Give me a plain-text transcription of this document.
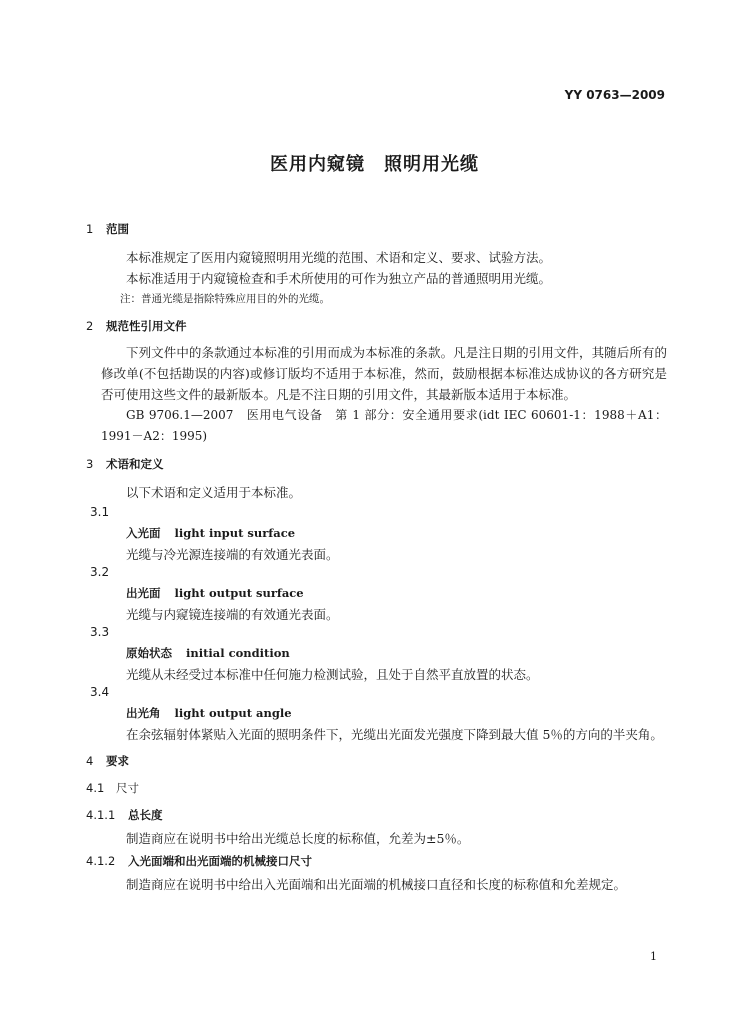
YY 0763—2009
医用内窥镜　照明用光缆
1 范围
本标准规定了医用内窥镜照明用光缆的范围、术语和定义、要求、试验方法。
本标准适用于内窥镜检查和手术所使用的可作为独立产品的普通照明用光缆。
注：普通光缆是指除特殊应用目的外的光缆。
2 规范性引用文件
下列文件中的条款通过本标准的引用而成为本标准的条款。凡是注日期的引用文件，其随后所有的修改单(不包括勘误的内容)或修订版均不适用于本标准，然而，鼓励根据本标准达成协议的各方研究是否可使用这些文件的最新版本。凡是不注日期的引用文件，其最新版本适用于本标准。
GB 9706.1—2007　医用电气设备　第 1 部分：安全通用要求(idt IEC 60601-1：1988＋A1：1991－A2：1995)
3 术语和定义
以下术语和定义适用于本标准。
3.1
入光面 light input surface
光缆与冷光源连接端的有效通光表面。
3.2
出光面 light output surface
光缆与内窥镜连接端的有效通光表面。
3.3
原始状态 initial condition
光缆从未经受过本标准中任何施力检测试验，且处于自然平直放置的状态。
3.4
出光角 light output angle
在余弦辐射体紧贴入光面的照明条件下，光缆出光面发光强度下降到最大值 5％的方向的半夹角。
4 要求
4.1 尺寸
4.1.1 总长度
制造商应在说明书中给出光缆总长度的标称值，允差为±5％。
4.1.2 入光面端和出光面端的机械接口尺寸
制造商应在说明书中给出入光面端和出光面端的机械接口直径和长度的标称值和允差规定。
1
